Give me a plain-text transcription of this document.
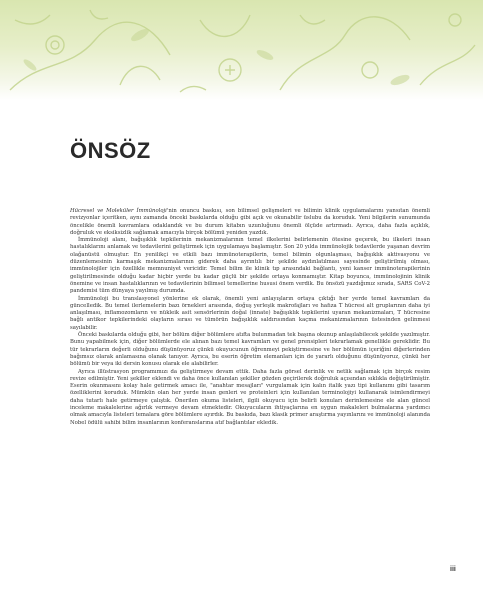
ÖNSÖZ

Hücresel ve Moleküler İmmünoloji'nin onuncu baskısı, son bilimsel gelişmeleri ve bilimin klinik uygulamalarını yansıtan önemli revizyonlar içeritken, aynı zamanda önceki baskılarda olduğu gibi açık ve okunabilir üslubu da koruduk. Yeni bilgilerin sunumunda öncelikle önemli kavramlara odaklandık ve bu durum kitabın uzunluğunu önemli ölçüde artırmadı. Ayrıca, daha fazla açıklık, doğruluk ve eksiksizlik sağlamak amacıyla birçok bölümü yeniden yazdık.

İmmünoloji alanı, bağışıklık tepkilerinin mekanizmalarının temel ilkelerini belirlemenin ötesine geçerek, bu ilkeleri insan hastalıklarını anlamak ve tedavilerini geliştirmek için uygulamaya başlamıştır. Son 20 yılda immünolojik tedavilerde yaşanan devrim olağanüstü olmuştur. En yenilikçi ve etkili bazı immünoterapilerin, temel bilimin olgunlaşması, bağışıklık aktivasyonu ve düzenlemesinin karmaşık mekanizmalarının giderek daha ayrıntılı bir şekilde aydınlatılması sayesinde geliştirilmiş olması, immünolojiler için özellikle memnuniyet vericidir. Temel bilim ile klinik tıp arasındaki bağlantı, yeni kanser immünoterapilerinin geliştirilmesinde olduğu kadar hiçbir yerde bu kadar güçlü bir şekilde ortaya konmamıştır. Kitap boyunca, immünolojinin klinik önemine ve insan hastalıklarının ve tedavilerinin bilimsel temellerine hususi önem verdik. Bu önsözü yazdığımız sırada, SARS CoV-2 pandemisi tüm dünyaya yayılmış durumda.

İmmünoloji bu translasyonel yönlerine ek olarak, önemli yeni anlayışların ortaya çıktığı her yerde temel kavramları da güncelledik. Bu temel ilerlemelerin bazı örnekleri arasında, doğuş yerleşik makrofajları ve hafıza T hücresi alt gruplarının daha iyi anlaşılması, inflamozomların ve nükleik asit sensörlerinin doğal (innate) bağışıklık tepkilerini uyaran mekanizmaları, T hücresine bağlı antikor tepkilerindeki olayların sırası ve tümörün bağışıklık saldırısından kaçma mekanizmalarının üstesinden gelinmesi sayılabilir.

Önceki baskılarda olduğu gibi, her bölüm diğer bölümlere atıfta bulunmadan tek başına okunup anlaşılabilecek şekilde yazılmıştır. Bunu yapabilmek için, diğer bölümlerde ele alınan bazı temel kavramları ve genel prensipleri tekrarlamak genellikle gereklidir. Bu tür tekrarların değerli olduğunu düşünüyoruz çünkü okuyucunun öğrenmeyi pekiştirmesine ve her bölümün içeriğini diğerlerinden bağımsız olarak anlamasına olanak tanıyor. Ayrıca, bu eserin öğretim elemanları için de yararlı olduğunu düşünüyoruz, çünkü her bölümü bir veya iki dersin konusu olarak ele alabilirler.

Ayrıca illüstrasyon programımızı da geliştirmeye devam ettik. Daha fazla görsel derinlik ve netlik sağlamak için birçok resim revize edilmiştir. Yeni şekiller eklendi ve daha önce kullanılan şekiller gözden geçirilerek doğruluk açısından sıklıkla değiştirilmiştir. Eserin okunmasını kolay hale getirmek amacı ile, "anahtar mesajları" vurgulamak için kalın italik yazı tipi kullanımı gibi tasarım özelliklerini koruduk. Mümkün olan her yerde insan genleri ve proteinleri için kullanılan terminolojiyi kullanarak isimlendirmeyi daha tutarlı hale getirmeye çalıştık. Önerilen okuma listeleri, ilgili okuyucu için belirli konuları derinlemesine ele alan güncel inceleme makalelerine ağırlık vermeye devam etmektedir. Okuyucuların ihtiyaçlarına en uygun makaleleri bulmalarına yardımcı olmak amacıyla listeleri temalara göre bölümlere ayırdık. Bu baskıda, bazı klasik primer araştırma yayınlarını ve immünoloji alanında Nobel ödülü sahibi bilim insanlarının konferanslarına atıf bağlantılar ekledik.

iii
